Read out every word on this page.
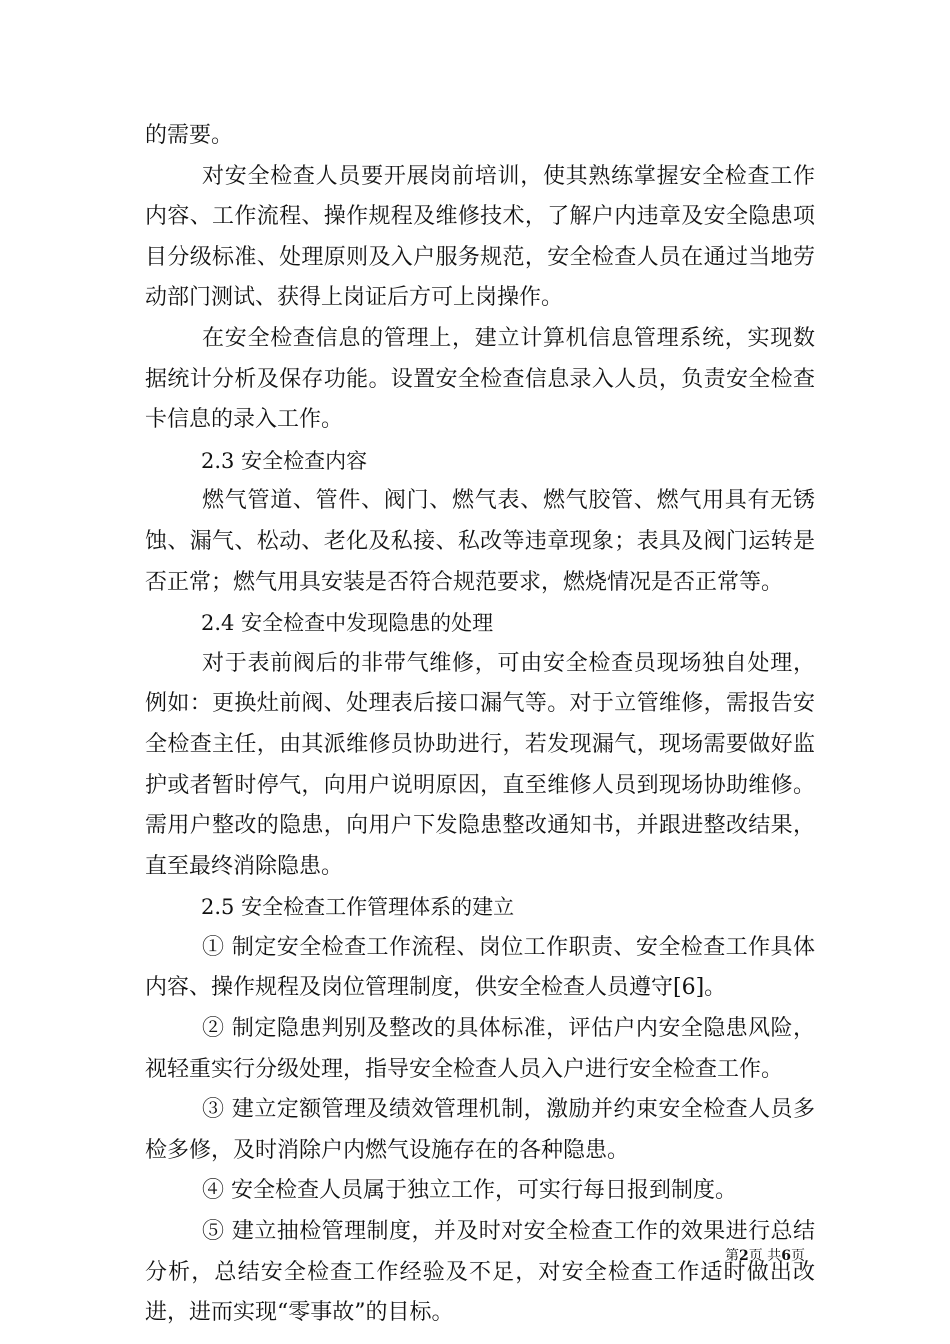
的需要。

对安全检查人员要开展岗前培训，使其熟练掌握安全检查工作内容、工作流程、操作规程及维修技术，了解户内违章及安全隐患项目分级标准、处理原则及入户服务规范，安全检查人员在通过当地劳动部门测试、获得上岗证后方可上岗操作。

在安全检查信息的管理上，建立计算机信息管理系统，实现数据统计分析及保存功能。设置安全检查信息录入人员，负责安全检查卡信息的录入工作。

2.3 安全检查内容

燃气管道、管件、阀门、燃气表、燃气胶管、燃气用具有无锈蚀、漏气、松动、老化及私接、私改等违章现象；表具及阀门运转是否正常；燃气用具安装是否符合规范要求，燃烧情况是否正常等。

2.4 安全检查中发现隐患的处理

对于表前阀后的非带气维修，可由安全检查员现场独自处理，例如：更换灶前阀、处理表后接口漏气等。对于立管维修，需报告安全检查主任，由其派维修员协助进行，若发现漏气，现场需要做好监护或者暂时停气，向用户说明原因，直至维修人员到现场协助维修。需用户整改的隐患，向用户下发隐患整改通知书，并跟进整改结果，直至最终消除隐患。

2.5 安全检查工作管理体系的建立

① 制定安全检查工作流程、岗位工作职责、安全检查工作具体内容、操作规程及岗位管理制度，供安全检查人员遵守[6]。

② 制定隐患判别及整改的具体标准，评估户内安全隐患风险，视轻重实行分级处理，指导安全检查人员入户进行安全检查工作。

③ 建立定额管理及绩效管理机制，激励并约束安全检查人员多检多修，及时消除户内燃气设施存在的各种隐患。

④ 安全检查人员属于独立工作，可实行每日报到制度。

⑤ 建立抽检管理制度，并及时对安全检查工作的效果进行总结分析，总结安全检查工作经验及不足，对安全检查工作适时做出改进，进而实现“零事故”的目标。

第2页 共6页
